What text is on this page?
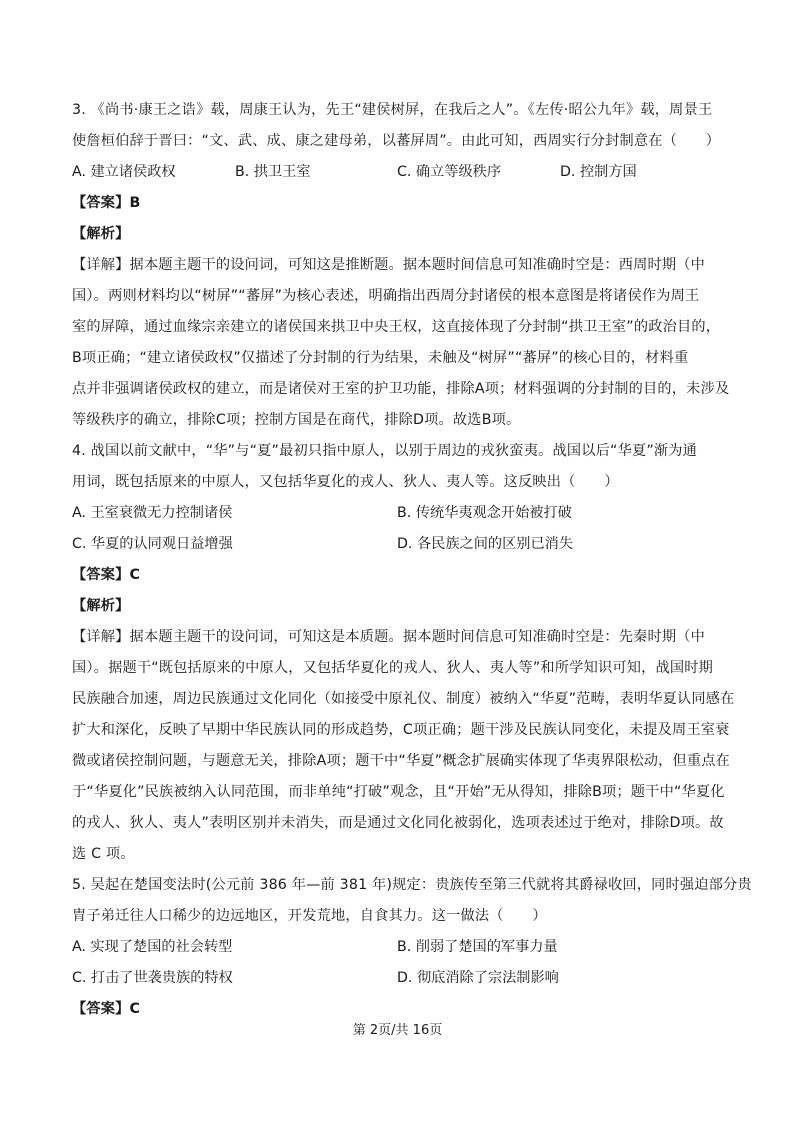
3. 《尚书·康王之诰》载，周康王认为，先王“建侯树屏，在我后之人”。《左传·昭公九年》载，周景王
使詹桓伯辞于晋曰：“文、武、成、康之建母弟，以蕃屏周”。由此可知，西周实行分封制意在（　　）
A. 建立诸侯政权	B. 拱卫王室	C. 确立等级秩序	D. 控制方国
【答案】B
【解析】
【详解】据本题主题干的设问词，可知这是推断题。据本题时间信息可知准确时空是：西周时期（中
国）。两则材料均以“树屏”“蕃屏”为核心表述，明确指出西周分封诸侯的根本意图是将诸侯作为周王
室的屏障，通过血缘宗亲建立的诸侯国来拱卫中央王权，这直接体现了分封制“拱卫王室”的政治目的，
B项正确；“建立诸侯政权”仅描述了分封制的行为结果，未触及“树屏”“蕃屏”的核心目的，材料重
点并非强调诸侯政权的建立，而是诸侯对王室的护卫功能，排除A项；材料强调的分封制的目的，未涉及
等级秩序的确立，排除C项；控制方国是在商代，排除D项。故选B项。
4. 战国以前文献中，“华”与“夏”最初只指中原人，以别于周边的戎狄蛮夷。战国以后“华夏”渐为通
用词，既包括原来的中原人，又包括华夏化的戎人、狄人、夷人等。这反映出（　　）
A. 王室衰微无力控制诸侯	B. 传统华夷观念开始被打破
C. 华夏的认同观日益增强	D. 各民族之间的区别已消失
【答案】C
【解析】
【详解】据本题主题干的设问词，可知这是本质题。据本题时间信息可知准确时空是：先秦时期（中
国）。据题干“既包括原来的中原人，又包括华夏化的戎人、狄人、夷人等”和所学知识可知，战国时期
民族融合加速，周边民族通过文化同化（如接受中原礼仪、制度）被纳入“华夏”范畴，表明华夏认同感在
扩大和深化，反映了早期中华民族认同的形成趋势，C项正确；题干涉及民族认同变化，未提及周王室衰
微或诸侯控制问题，与题意无关，排除A项；题干中“华夏”概念扩展确实体现了华夷界限松动，但重点在
于“华夏化”民族被纳入认同范围，而非单纯“打破”观念，且“开始”无从得知，排除B项；题干中“华夏化
的戎人、狄人、夷人”表明区别并未消失，而是通过文化同化被弱化，选项表述过于绝对，排除D项。故
选 C 项。
5. 吴起在楚国变法时(公元前 386 年—前 381 年)规定：贵族传至第三代就将其爵禄收回，同时强迫部分贵
胄子弟迁往人口稀少的边远地区，开发荒地，自食其力。这一做法（　　）
A. 实现了楚国的社会转型	B. 削弱了楚国的军事力量
C. 打击了世袭贵族的特权	D. 彻底消除了宗法制影响
【答案】C
第 2页/共 16页
